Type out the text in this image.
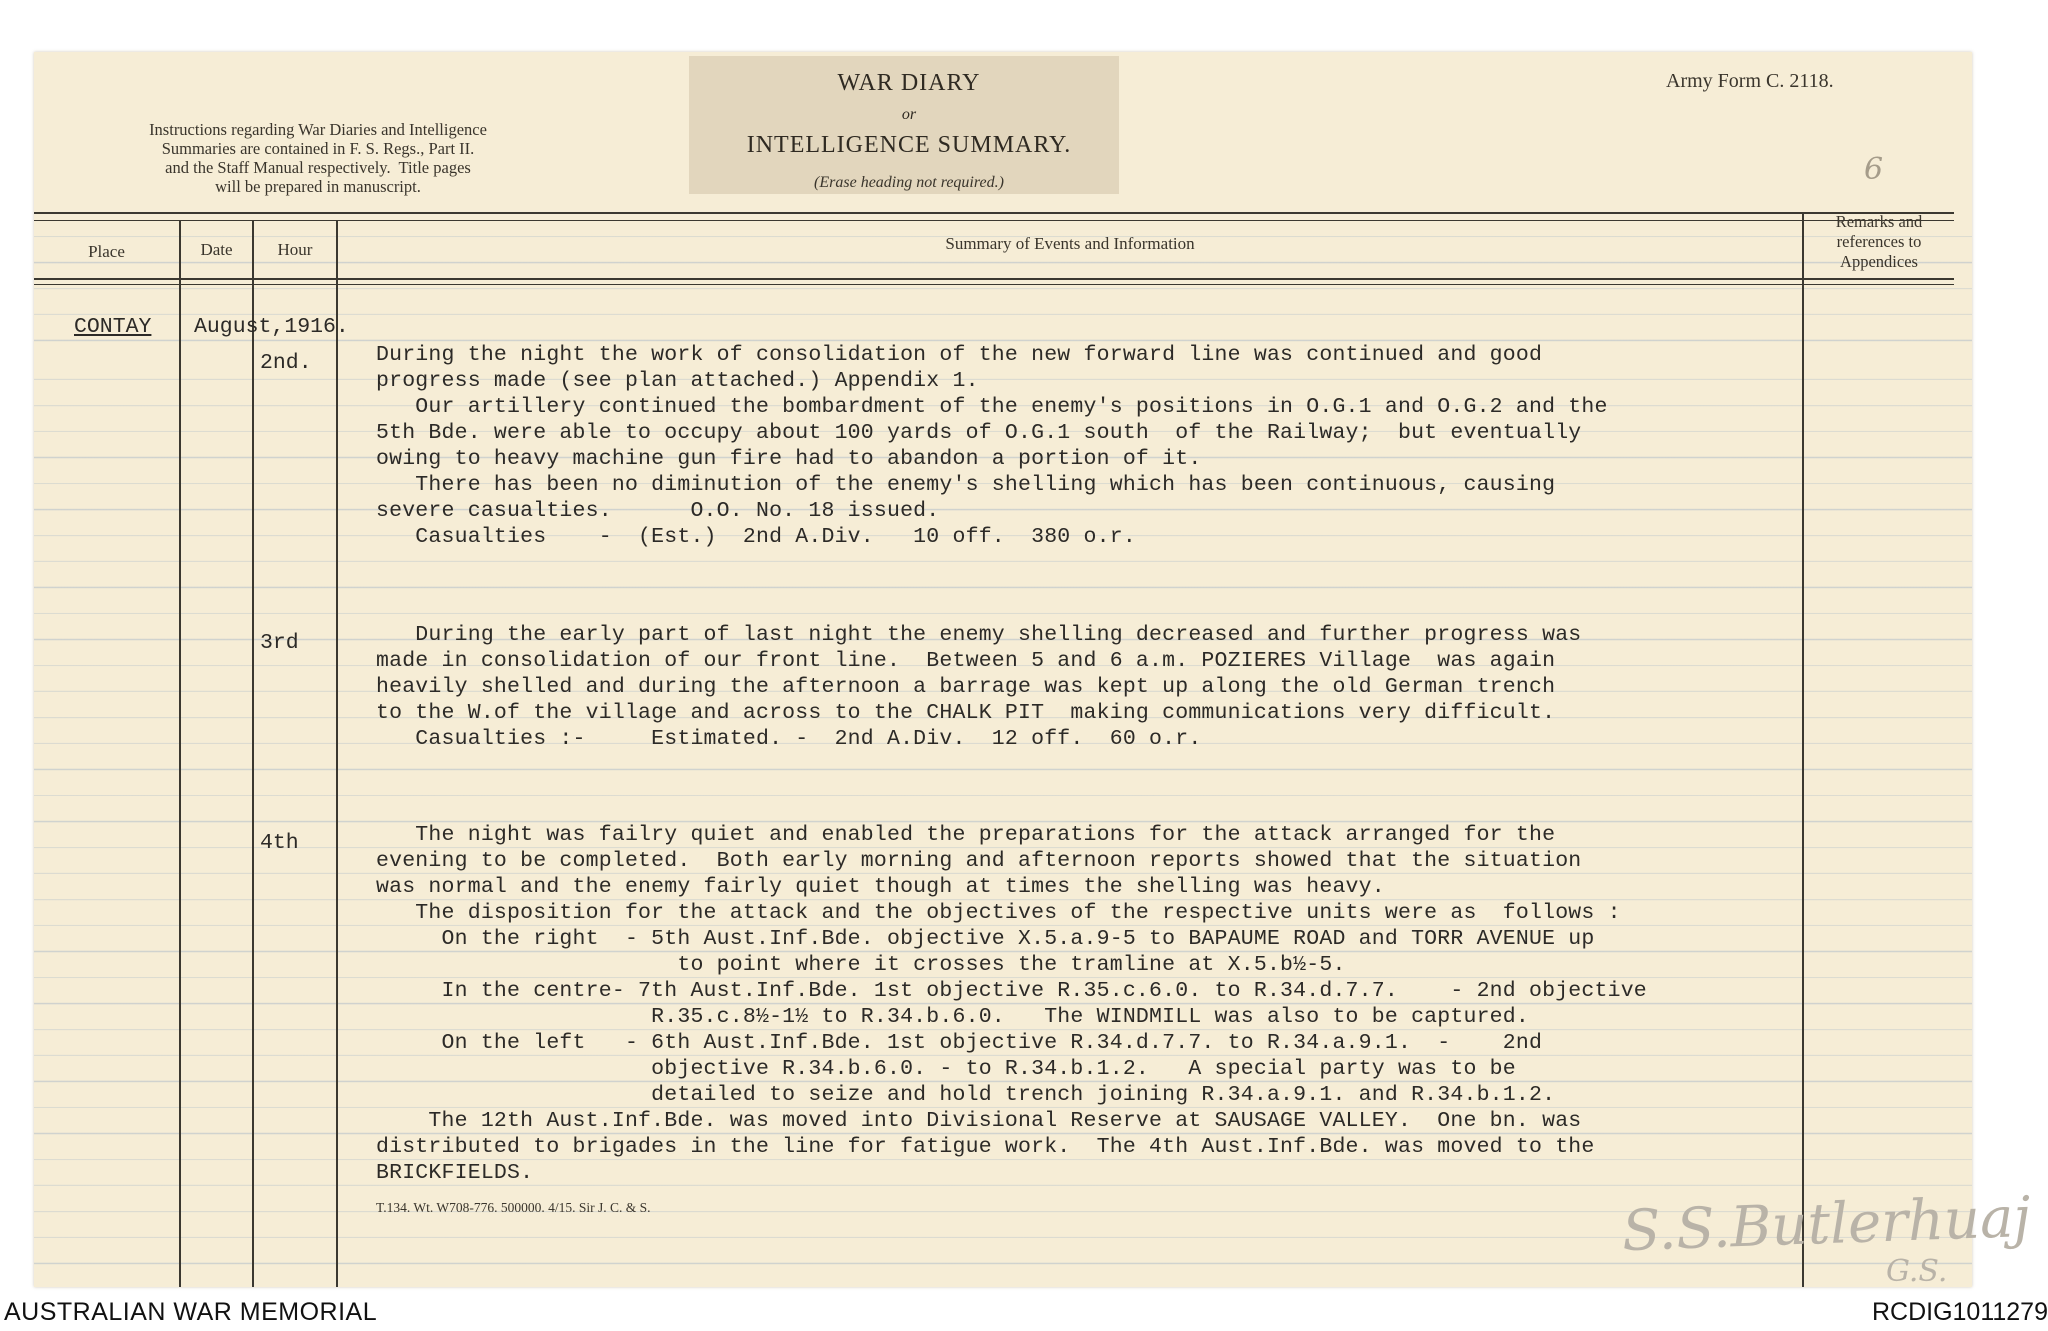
Instructions regarding War Diaries and Intelligence
Summaries are contained in F. S. Regs., Part II.
and the Staff Manual respectively.  Title pages
will be prepared in manuscript.
WAR DIARY
or
INTELLIGENCE SUMMARY.
(Erase heading not required.)
Army Form C. 2118.
6
Place	Date	Hour	Summary of Events and Information
Remarks and
references to
Appendices
CONTAY August,1916.
2nd.	During the night the work of consolidation of the new forward line was continued and good
progress made (see plan attached.) Appendix 1.
Our artillery continued the bombardment of the enemy's positions in O.G.1 and O.G.2 and the
5th Bde. were able to occupy about 100 yards of O.G.1 south  of the Railway;  but eventually
owing to heavy machine gun fire had to abandon a portion of it.
There has been no diminution of the enemy's shelling which has been continuous, causing
severe casualties.      O.O. No. 18 issued.
Casualties    -  (Est.)  2nd A.Div.   10 off.  380 o.r.
3rd	During the early part of last night the enemy shelling decreased and further progress was
made in consolidation of our front line.  Between 5 and 6 a.m. POZIERES Village  was again
heavily shelled and during the afternoon a barrage was kept up along the old German trench
to the W.of the village and across to the CHALK PIT  making communications very difficult.
Casualties :-     Estimated. -  2nd A.Div.  12 off.  60 o.r.
4th	The night was failry quiet and enabled the preparations for the attack arranged for the
evening to be completed.  Both early morning and afternoon reports showed that the situation
was normal and the enemy fairly quiet though at times the shelling was heavy.
The disposition for the attack and the objectives of the respective units were as  follows :
On the right  - 5th Aust.Inf.Bde. objective X.5.a.9-5 to BAPAUME ROAD and TORR AVENUE up
to point where it crosses the tramline at X.5.b½-5.
In the centre- 7th Aust.Inf.Bde. 1st objective R.35.c.6.0. to R.34.d.7.7.    - 2nd objective
R.35.c.8½-1½ to R.34.b.6.0.   The WINDMILL was also to be captured.
On the left   - 6th Aust.Inf.Bde. 1st objective R.34.d.7.7. to R.34.a.9.1.  -    2nd
objective R.34.b.6.0. - to R.34.b.1.2.   A special party was to be
detailed to seize and hold trench joining R.34.a.9.1. and R.34.b.1.2.
The 12th Aust.Inf.Bde. was moved into Divisional Reserve at SAUSAGE VALLEY.  One bn. was
distributed to brigades in the line for fatigue work.  The 4th Aust.Inf.Bde. was moved to the
BRICKFIELDS.
T.134. Wt. W708-776. 500000. 4/15. Sir J. C. & S.	S.S.Butlerhuaj
G.S.
AUSTRALIAN WAR MEMORIAL	RCDIG1011279
